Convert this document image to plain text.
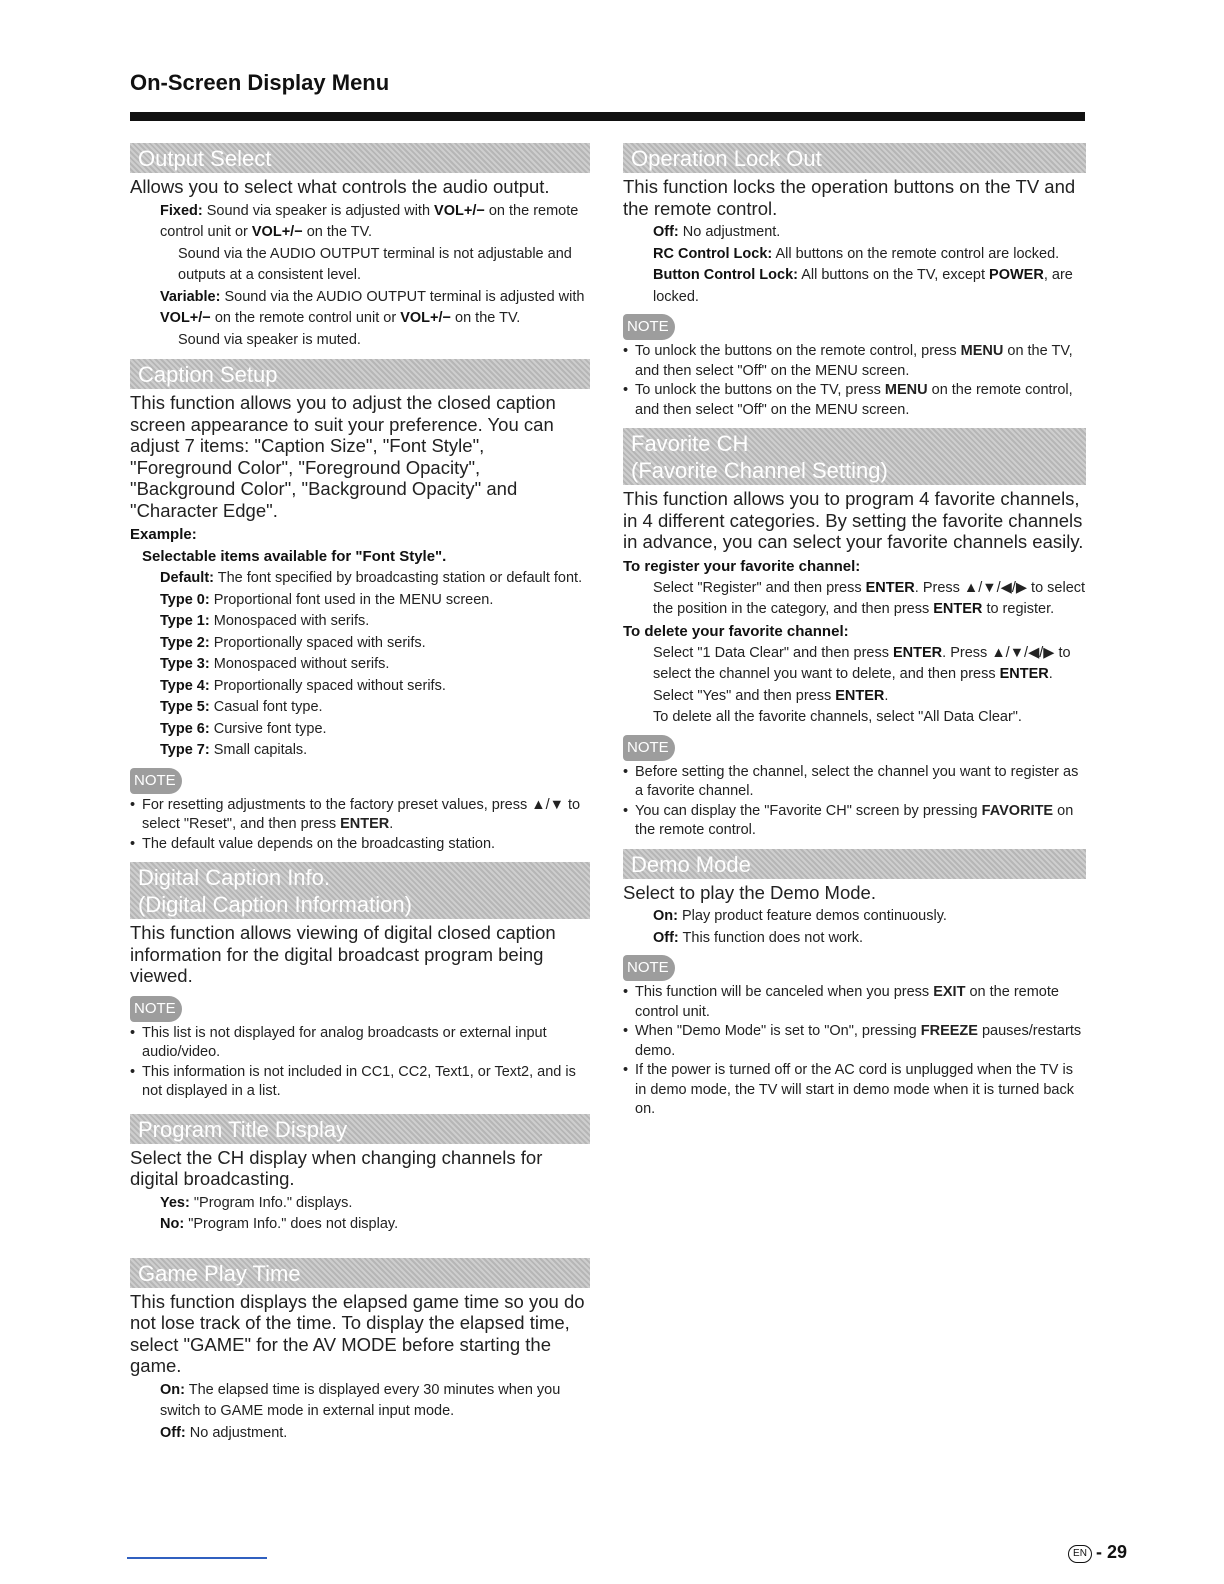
On-Screen Display Menu
Output Select

Allows you to select what controls the audio output.

Fixed: Sound via speaker is adjusted with VOL+/− on the remote control unit or VOL+/− on the TV.

Sound via the AUDIO OUTPUT terminal is not adjustable and outputs at a consistent level.

Variable: Sound via the AUDIO OUTPUT terminal is adjusted with VOL+/− on the remote control unit or VOL+/− on the TV.

Sound via speaker is muted.

Caption Setup

This function allows you to adjust the closed caption screen appearance to suit your preference. You can adjust 7 items: "Caption Size", "Font Style", "Foreground Color", "Foreground Opacity", "Background Color", "Background Opacity" and "Character Edge".

Example:

Selectable items available for "Font Style".

Default: The font specified by broadcasting station or default font.

Type 0: Proportional font used in the MENU screen.

Type 1: Monospaced with serifs.

Type 2: Proportionally spaced with serifs.

Type 3: Monospaced without serifs.

Type 4: Proportionally spaced without serifs.

Type 5: Casual font type.

Type 6: Cursive font type.

Type 7: Small capitals.

NOTE

• For resetting adjustments to the factory preset values, press ▲/▼ to select "Reset", and then press ENTER.

• The default value depends on the broadcasting station.

Digital Caption Info.
(Digital Caption Information)

This function allows viewing of digital closed caption information for the digital broadcast program being viewed.

NOTE

• This list is not displayed for analog broadcasts or external input audio/video.

• This information is not included in CC1, CC2, Text1, or Text2, and is not displayed in a list.

Program Title Display

Select the CH display when changing channels for digital broadcasting.

Yes: "Program Info." displays.

No: "Program Info." does not display.

Game Play Time

This function displays the elapsed game time so you do not lose track of the time. To display the elapsed time, select "GAME" for the AV MODE before starting the game.

On: The elapsed time is displayed every 30 minutes when you switch to GAME mode in external input mode.

Off: No adjustment.

Operation Lock Out

This function locks the operation buttons on the TV and the remote control.

Off: No adjustment.

RC Control Lock: All buttons on the remote control are locked.

Button Control Lock: All buttons on the TV, except POWER, are locked.

NOTE

• To unlock the buttons on the remote control, press MENU on the TV, and then select "Off" on the MENU screen.

• To unlock the buttons on the TV, press MENU on the remote control, and then select "Off" on the MENU screen.

Favorite CH
(Favorite Channel Setting)

This function allows you to program 4 favorite channels, in 4 different categories. By setting the favorite channels in advance, you can select your favorite channels easily.

To register your favorite channel:

Select "Register" and then press ENTER. Press ▲/▼/◀/▶ to select the position in the category, and then press ENTER to register.

To delete your favorite channel:

Select "1 Data Clear" and then press ENTER. Press ▲/▼/◀/▶ to select the channel you want to delete, and then press ENTER. Select "Yes" and then press ENTER.

To delete all the favorite channels, select "All Data Clear".

NOTE

• Before setting the channel, select the channel you want to register as a favorite channel.

• You can display the "Favorite CH" screen by pressing FAVORITE on the remote control.

Demo Mode

Select to play the Demo Mode.

On: Play product feature demos continuously.

Off: This function does not work.

NOTE

• This function will be canceled when you press EXIT on the remote control unit.

• When "Demo Mode" is set to "On", pressing FREEZE pauses/restarts demo.

• If the power is turned off or the AC cord is unplugged when the TV is in demo mode, the TV will start in demo mode when it is turned back on.

EN - 29
